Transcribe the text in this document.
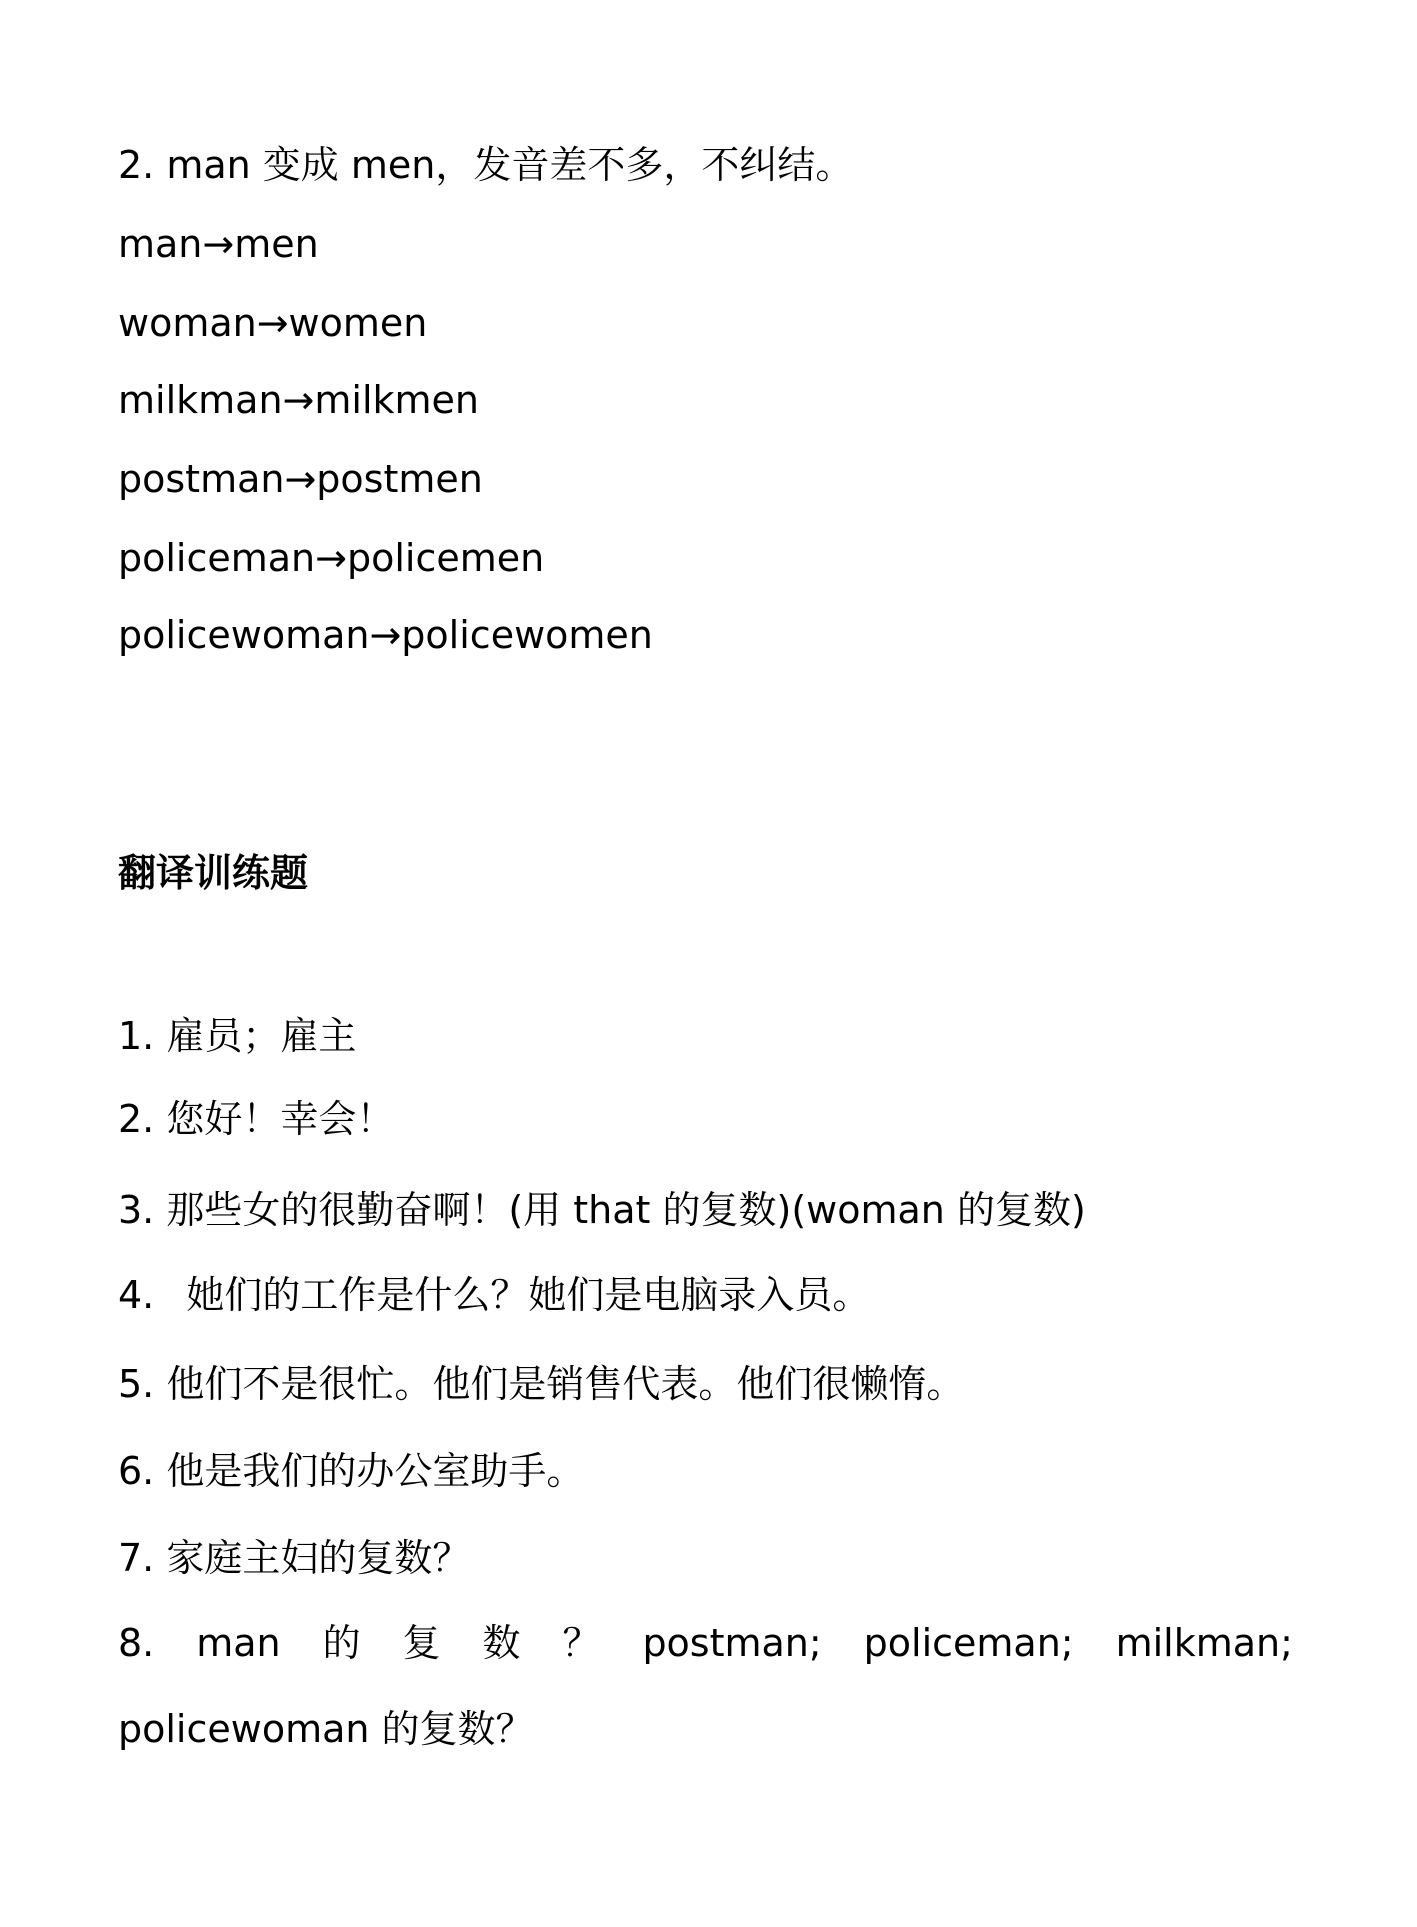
2. man 变成 men，发音差不多，不纠结。
man→men
woman→women
milkman→milkmen
postman→postmen
policeman→policemen
policewoman→policewomen
翻译训练题
1. 雇员；雇主
2. 您好！幸会！
3. 那些女的很勤奋啊！(用 that 的复数)(woman 的复数)
4. 她们的工作是什么？她们是电脑录入员。
5. 他们不是很忙。他们是销售代表。他们很懒惰。
6. 他是我们的办公室助手。
7. 家庭主妇的复数？
8. man 的 复 数 ？ postman; policeman; milkman;
policewoman 的复数？
